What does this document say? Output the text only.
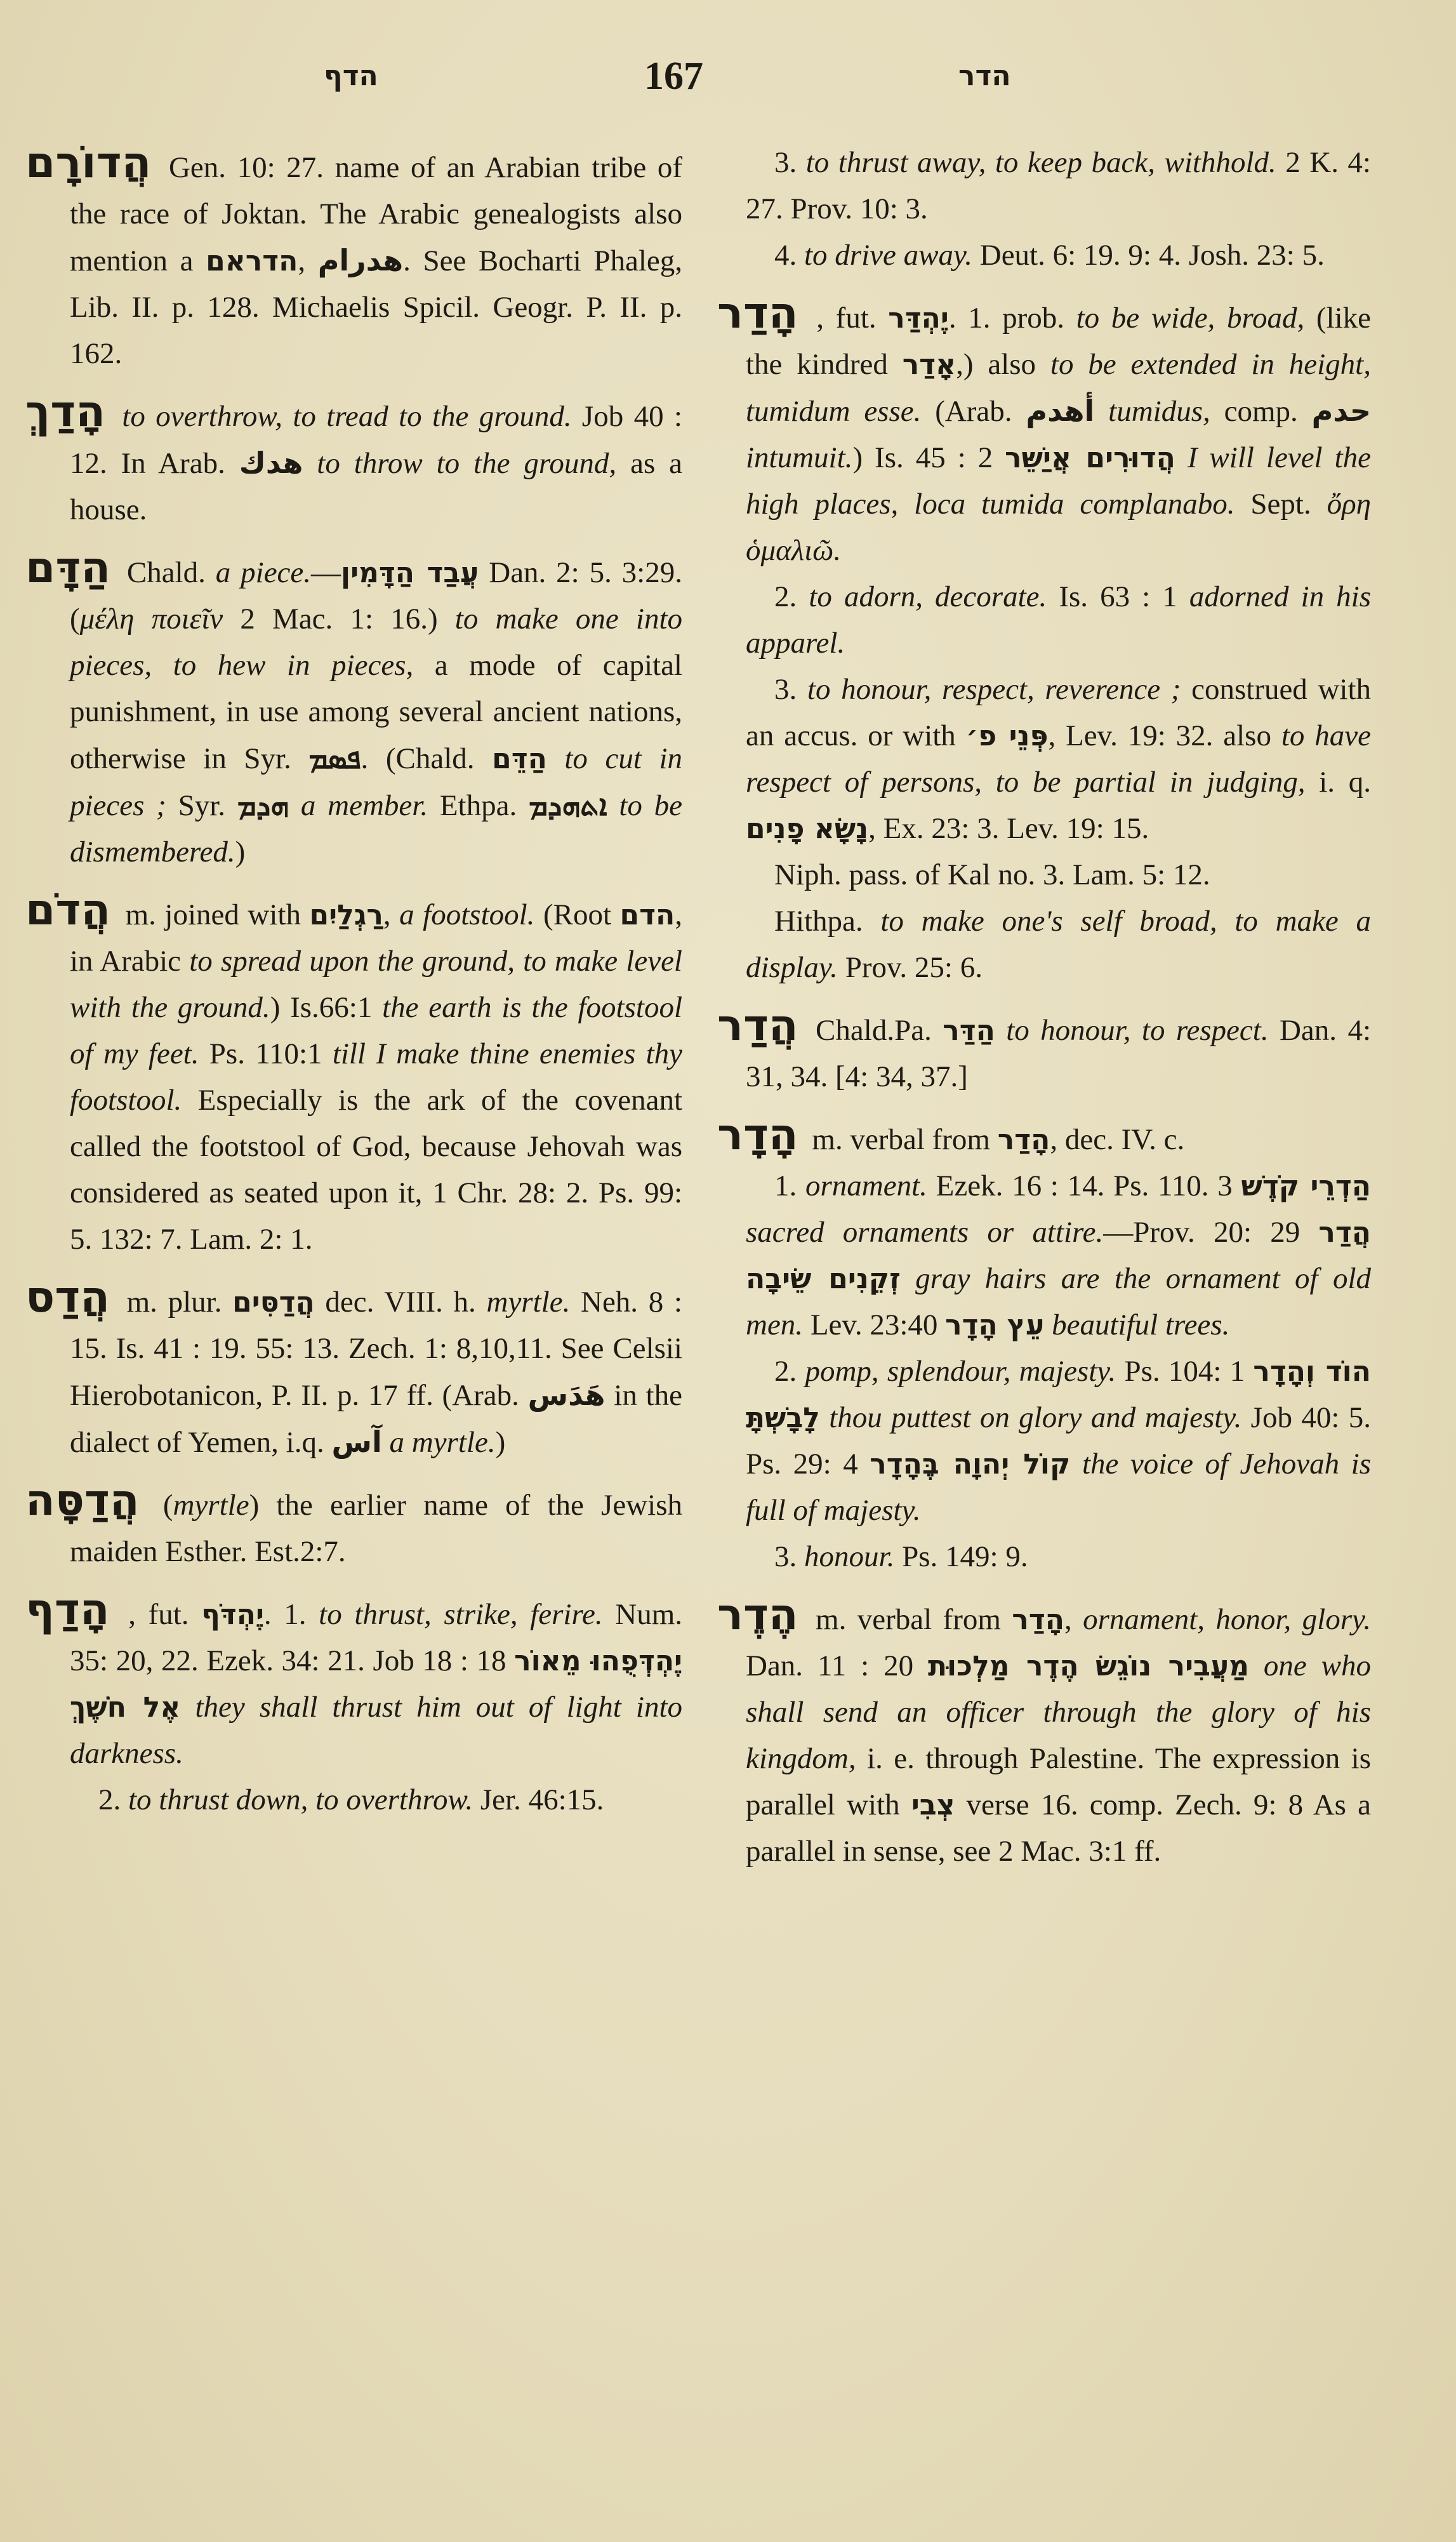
הדף	167	הדר

הֲדוֹרָם Gen. 10: 27. name of an Arabian tribe of the race of Joktan. The Arabic genealogists also mention a הדראם, هدرام. See Bocharti Phaleg, Lib. II. p. 128. Michaelis Spicil. Geogr. P. II. p. 162.

הָדַךְ to overthrow, to tread to the ground. Job 40 : 12. In Arab. هدك to throw to the ground, as a house.

הַדָּם Chald. a piece.—עֲבַד הַדָּמִין Dan. 2: 5. 3:29. (μέλη ποιεῖν 2 Mac. 1: 16.) to make one into pieces, to hew in pieces, a mode of capital punishment, in use among several ancient nations, otherwise in Syr. ܦܣܡ. (Chald. הַדֵּם to cut in pieces ; Syr. ܗܕܡ a member. Ethpa. ܐܬܗܕܡ to be dismembered.)

הֲדֹם m. joined with רַגְלַיִם, a footstool. (Root הדם, in Arabic to spread upon the ground, to make level with the ground.) Is.66:1 the earth is the footstool of my feet. Ps. 110:1 till I make thine enemies thy footstool. Especially is the ark of the covenant called the footstool of God, because Jehovah was considered as seated upon it, 1 Chr. 28: 2. Ps. 99: 5. 132: 7. Lam. 2: 1.

הֲדַס m. plur. הֲדַסִּים dec. VIII. h. myrtle. Neh. 8 : 15. Is. 41 : 19. 55: 13. Zech. 1: 8,10,11. See Celsii Hierobotanicon, P. II. p. 17 ff. (Arab. هَدَس in the dialect of Yemen, i.q. آس a myrtle.)

הֲדַסָּה (myrtle) the earlier name of the Jewish maiden Esther. Est.2:7.

הָדַף , fut. יֶהְדֹּף. 1. to thrust, strike, ferire. Num. 35: 20, 22. Ezek. 34: 21. Job 18 : 18 יֶהְדְּפֻהוּ מֵאוֹר אֶל חֹשֶׁךְ they shall thrust him out of light into darkness.

2. to thrust down, to overthrow. Jer. 46:15.

3. to thrust away, to keep back, withhold. 2 K. 4: 27. Prov. 10: 3.

4. to drive away. Deut. 6: 19. 9: 4. Josh. 23: 5.

הָדַר , fut. יֶהְדַּר. 1. prob. to be wide, broad, (like the kindred אָדַר,) also to be extended in height, tumidum esse. (Arab. أهدم tumidus, comp. حدم intumuit.) Is. 45 : 2 הֲדוּרִים אֲיַשֵּׁר I will level the high places, loca tumida complanabo. Sept. ὄρη ὁμαλιῶ.

2. to adorn, decorate. Is. 63 : 1 adorned in his apparel.

3. to honour, respect, reverence ; construed with an accus. or with פְּנֵי פ׳, Lev. 19: 32. also to have respect of persons, to be partial in judging, i. q. נָשָׂא פָנִים, Ex. 23: 3. Lev. 19: 15.

Niph. pass. of Kal no. 3. Lam. 5: 12.

Hithpa. to make one's self broad, to make a display. Prov. 25: 6.

הֲדַר Chald.Pa. הַדַּר to honour, to respect. Dan. 4: 31, 34. [4: 34, 37.]

הָדָר m. verbal from הָדַר, dec. IV. c.

1. ornament. Ezek. 16 : 14. Ps. 110. 3 הַדְרֵי קֹדֶשׁ sacred ornaments or attire.—Prov. 20: 29 הֲדַר זְקֵנִים שֵׂיבָה gray hairs are the ornament of old men. Lev. 23:40 עֵץ הָדָר beautiful trees.

2. pomp, splendour, majesty. Ps. 104: 1 הוֹד וְהָדָר לָבָשְׁתָּ thou puttest on glory and majesty. Job 40: 5. Ps. 29: 4 קוֹל יְהוָה בֶּהָדָר the voice of Jehovah is full of majesty.

3. honour. Ps. 149: 9.

הֶדֶר m. verbal from הָדַר, ornament, honor, glory. Dan. 11 : 20 מַעֲבִיר נוֹגֵשׂ הֶדֶר מַלְכוּת one who shall send an officer through the glory of his kingdom, i. e. through Palestine. The expression is parallel with צְבִי verse 16. comp. Zech. 9: 8 As a parallel in sense, see 2 Mac. 3:1 ff.
